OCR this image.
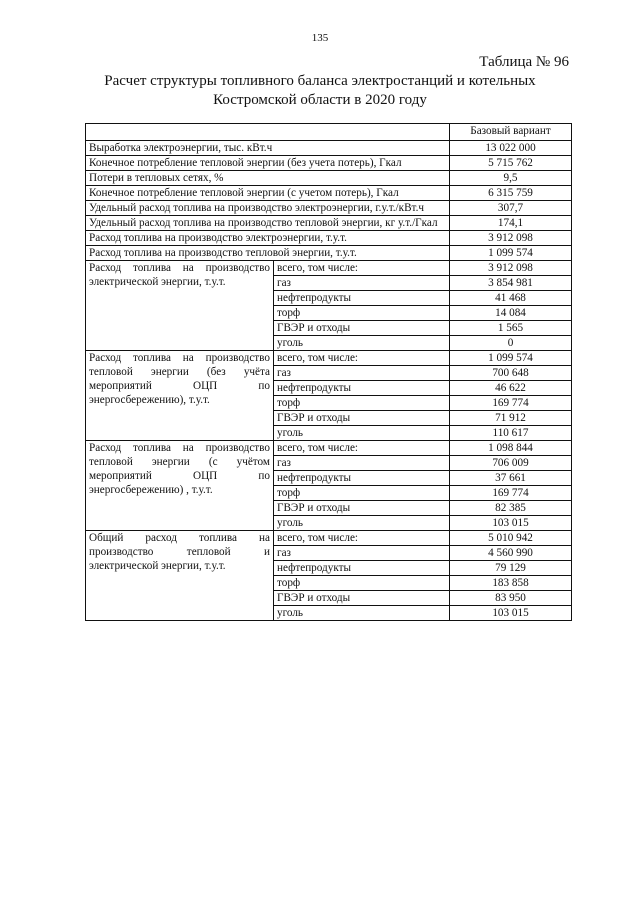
135
Таблица № 96
Расчет структуры топливного баланса электростанций и котельных
Костромской области в 2020 году
		Базовый вариант
Выработка электроэнергии, тыс. кВт.ч		13 022 000
Конечное потребление тепловой энергии (без учета потерь), Гкал		5 715 762
Потери в тепловых сетях, %		9,5
Конечное потребление тепловой энергии (с учетом потерь), Гкал		6 315 759
Удельный расход топлива на производство электроэнергии, г.у.т./кВт.ч		307,7
Удельный расход топлива на производство тепловой энергии, кг у.т./Гкал		174,1
Расход топлива на производство электроэнергии, т.у.т.		3 912 098
Расход топлива на производство тепловой энергии, т.у.т.		1 099 574
Расход топлива на производство электрической энергии, т.у.т.	всего, том числе:	3 912 098
	газ	3 854 981
	нефтепродукты	41 468
	торф	14 084
	ГВЭР и отходы	1 565
	уголь	0
Расход топлива на производство тепловой энергии (без учёта мероприятий ОЦП по энергосбережению), т.у.т.	всего, том числе:	1 099 574
	газ	700 648
	нефтепродукты	46 622
	торф	169 774
	ГВЭР и отходы	71 912
	уголь	110 617
Расход топлива на производство тепловой энергии (с учётом мероприятий ОЦП по энергосбережению) , т.у.т.	всего, том числе:	1 098 844
	газ	706 009
	нефтепродукты	37 661
	торф	169 774
	ГВЭР и отходы	82 385
	уголь	103 015
Общий расход топлива на производство тепловой и электрической энергии, т.у.т.	всего, том числе:	5 010 942
	газ	4 560 990
	нефтепродукты	79 129
	торф	183 858
	ГВЭР и отходы	83 950
	уголь	103 015
